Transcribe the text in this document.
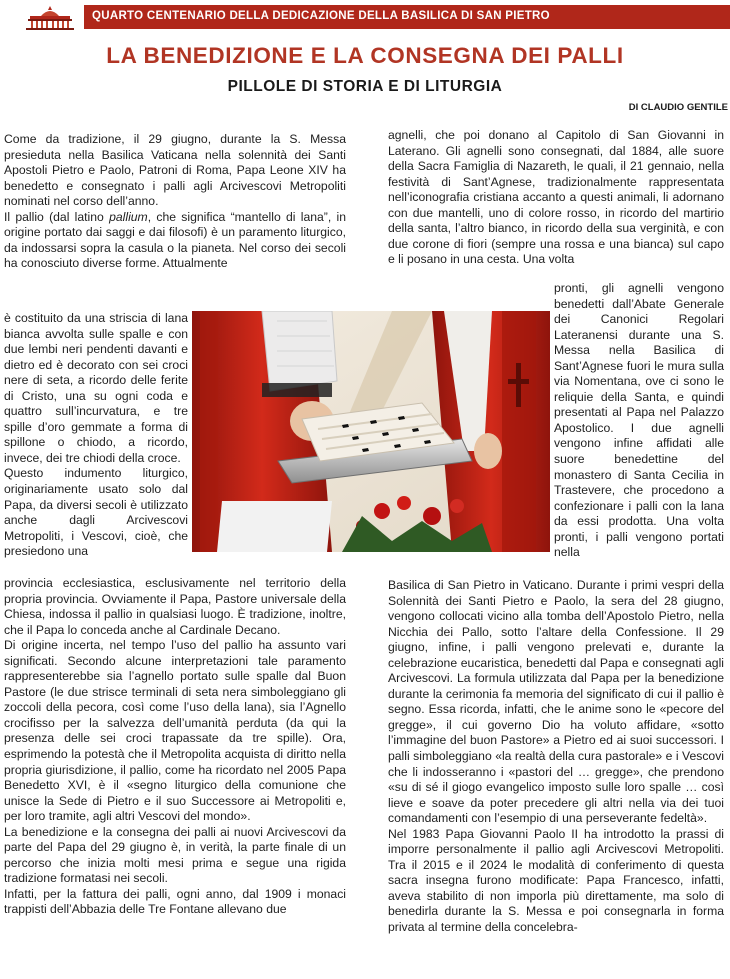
QUARTO CENTENARIO DELLA DEDICAZIONE DELLA BASILICA DI SAN PIETRO
LA BENEDIZIONE E LA CONSEGNA DEI PALLI
PILLOLE DI STORIA E DI LITURGIA
DI CLAUDIO GENTILE

Come da tradizione, il 29 giugno, durante la S. Messa presieduta nella Basilica Vaticana nella solennità dei Santi Apostoli Pietro e Paolo, Patroni di Roma, Papa Leone XIV ha benedetto e consegnato i palli agli Arcivescovi Metropoliti nominati nel corso dell’anno.

Il pallio (dal latino pallium, che significa “mantello di lana”, in origine portato dai saggi e dai filosofi) è un paramento liturgico, da indossarsi sopra la casula o la pianeta. Nel corso dei secoli ha conosciuto diverse forme. Attualmente

è costituito da una striscia di lana bianca avvolta sulle spalle e con due lembi neri pendenti davanti e dietro ed è decorato con sei croci nere di seta, a ricordo delle ferite di Cristo, una su ogni coda e quattro sull’incurvatura, e tre spille d’oro gemmate a forma di spillone o chiodo, a ricordo, invece, dei tre chiodi della croce.

Questo indumento liturgico, originariamente usato solo dal Papa, da diversi secoli è utilizzato anche dagli Arcivescovi Metropoliti, i Vescovi, cioè, che presiedono una

provincia ecclesiastica, esclusivamente nel territorio della propria provincia. Ovviamente il Papa, Pastore universale della Chiesa, indossa il pallio in qualsiasi luogo. È tradizione, inoltre, che il Papa lo conceda anche al Cardinale Decano.

Di origine incerta, nel tempo l’uso del pallio ha assunto vari significati. Secondo alcune interpretazioni tale paramento rappresenterebbe sia l’agnello portato sulle spalle dal Buon Pastore (le due strisce terminali di seta nera simboleggiano gli zoccoli della pecora, così come l’uso della lana), sia l’Agnello crocifisso per la salvezza dell’umanità perduta (da qui la presenza delle sei croci trapassate da tre spille). Ora, esprimendo la potestà che il Metropolita acquista di diritto nella propria giurisdizione, il pallio, come ha ricordato nel 2005 Papa Benedetto XVI, è il «segno liturgico della comunione che unisce la Sede di Pietro e il suo Successore ai Metropoliti e, per loro tramite, agli altri Vescovi del mondo».

La benedizione e la consegna dei palli ai nuovi Arcivescovi da parte del Papa del 29 giugno è, in verità, la parte finale di un percorso che inizia molti mesi prima e segue una rigida tradizione formatasi nei secoli.

Infatti, per la fattura dei palli, ogni anno, dal 1909 i monaci trappisti dell’Abbazia delle Tre Fontane allevano due

agnelli, che poi donano al Capitolo di San Giovanni in Laterano. Gli agnelli sono consegnati, dal 1884, alle suore della Sacra Famiglia di Nazareth, le quali, il 21 gennaio, nella festività di Sant’Agnese, tradizionalmente rappresentata nell’iconografia cristiana accanto a questi animali, li adornano con due mantelli, uno di colore rosso, in ricordo del martirio della santa, l’altro bianco, in ricordo della sua verginità, e con due corone di fiori (sempre una rossa e una bianca) sul capo e li posano in una cesta. Una volta

pronti, gli agnelli vengono benedetti dall’Abate Generale dei Canonici Regolari Lateranensi durante una S. Messa nella Basilica di Sant’Agnese fuori le mura sulla via Nomentana, ove ci sono le reliquie della Santa, e quindi presentati al Papa nel Palazzo Apostolico. I due agnelli vengono infine affidati alle suore benedettine del monastero di Santa Cecilia in Trastevere, che procedono a confezionare i palli con la lana da essi prodotta. Una volta pronti, i palli vengono portati nella

Basilica di San Pietro in Vaticano. Durante i primi vespri della Solennità dei Santi Pietro e Paolo, la sera del 28 giugno, vengono collocati vicino alla tomba dell’Apostolo Pietro, nella Nicchia dei Pallo, sotto l’altare della Confessione. Il 29 giugno, infine, i palli vengono prelevati e, durante la celebrazione eucaristica, benedetti dal Papa e consegnati agli Arcivescovi. La formula utilizzata dal Papa per la benedizione durante la cerimonia fa memoria del significato di cui il pallio è segno. Essa ricorda, infatti, che le anime sono le «pecore del gregge», il cui governo Dio ha voluto affidare, «sotto l’immagine del buon Pastore» a Pietro ed ai suoi successori. I palli simboleggiano «la realtà della cura pastorale» e i Vescovi che li indosseranno i «pastori del … gregge», che prendono «su di sé il giogo evangelico imposto sulle loro spalle … così lieve e soave da poter precedere gli altri nella via dei tuoi comandamenti con l’esempio di una perseverante fedeltà».

Nel 1983 Papa Giovanni Paolo II ha introdotto la prassi di imporre personalmente il pallio agli Arcivescovi Metropoliti. Tra il 2015 e il 2024 le modalità di conferimento di questa sacra insegna furono modificate: Papa Francesco, infatti, aveva stabilito di non imporla più direttamente, ma solo di benedirla durante la S. Messa e poi consegnarla in forma privata al termine della concelebra-
